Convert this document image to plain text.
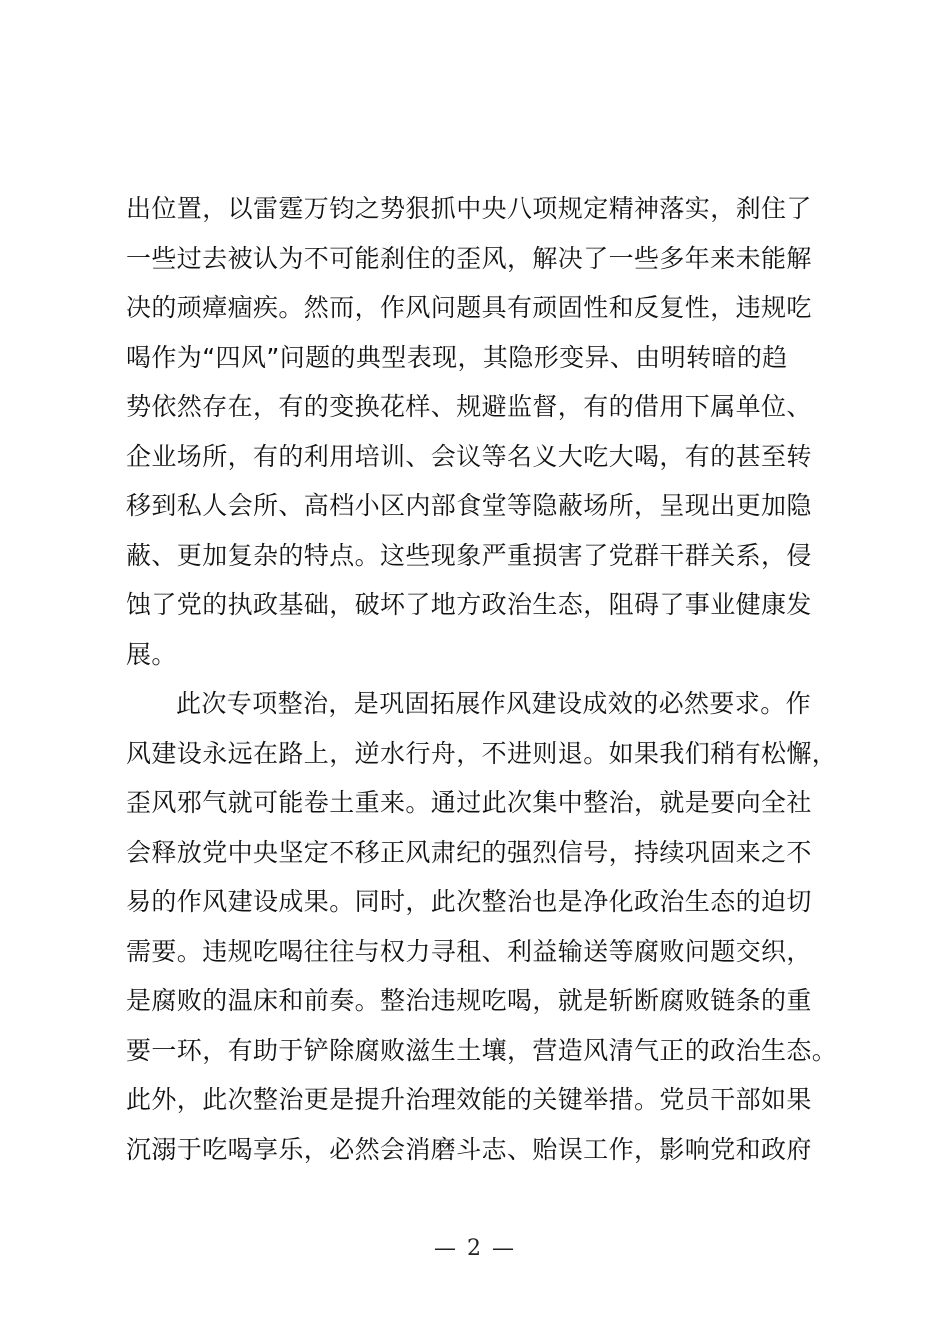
出位置，以雷霆万钧之势狠抓中央八项规定精神落实，刹住了
一些过去被认为不可能刹住的歪风，解决了一些多年来未能解
决的顽瘴痼疾。然而，作风问题具有顽固性和反复性，违规吃
喝作为“四风”问题的典型表现，其隐形变异、由明转暗的趋
势依然存在，有的变换花样、规避监督，有的借用下属单位、
企业场所，有的利用培训、会议等名义大吃大喝，有的甚至转
移到私人会所、高档小区内部食堂等隐蔽场所，呈现出更加隐
蔽、更加复杂的特点。这些现象严重损害了党群干群关系，侵
蚀了党的执政基础，破坏了地方政治生态，阻碍了事业健康发
展。
此次专项整治，是巩固拓展作风建设成效的必然要求。作
风建设永远在路上，逆水行舟，不进则退。如果我们稍有松懈，
歪风邪气就可能卷土重来。通过此次集中整治，就是要向全社
会释放党中央坚定不移正风肃纪的强烈信号，持续巩固来之不
易的作风建设成果。同时，此次整治也是净化政治生态的迫切
需要。违规吃喝往往与权力寻租、利益输送等腐败问题交织，
是腐败的温床和前奏。整治违规吃喝，就是斩断腐败链条的重
要一环，有助于铲除腐败滋生土壤，营造风清气正的政治生态。
此外，此次整治更是提升治理效能的关键举措。党员干部如果
沉溺于吃喝享乐，必然会消磨斗志、贻误工作，影响党和政府
— 2 —
